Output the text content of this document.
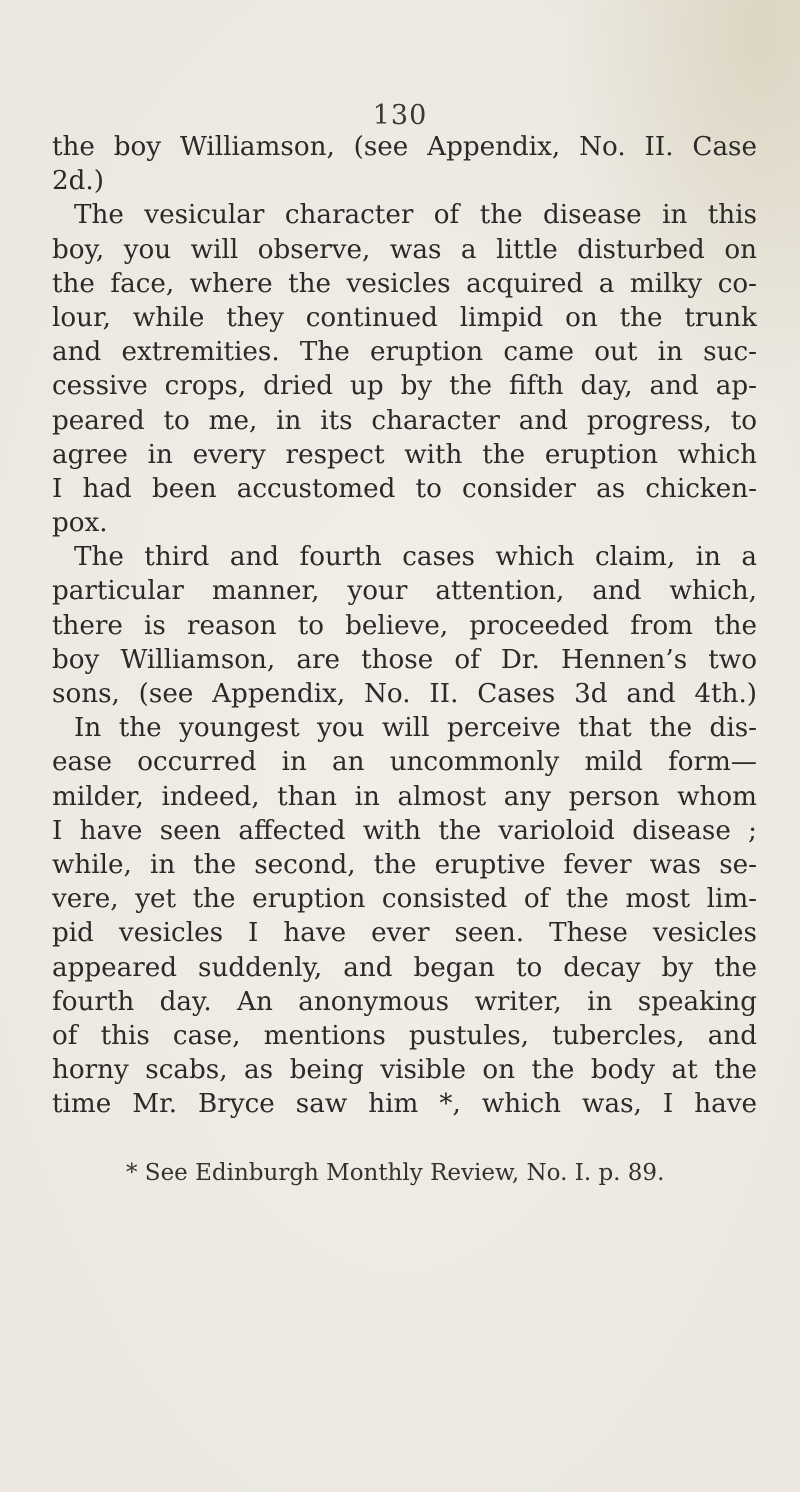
130
the boy Williamson, (see Appendix, No. II. Case
2d.)
The vesicular character of the disease in this
boy, you will observe, was a little disturbed on
the face, where the vesicles acquired a milky co-
lour, while they continued limpid on the trunk
and extremities. The eruption came out in suc-
cessive crops, dried up by the fifth day, and ap-
peared to me, in its character and progress, to
agree in every respect with the eruption which
I had been accustomed to consider as chicken-
pox.
The third and fourth cases which claim, in a
particular manner, your attention, and which,
there is reason to believe, proceeded from the
boy Williamson, are those of Dr. Hennen’s two
sons, (see Appendix, No. II. Cases 3d and 4th.)
In the youngest you will perceive that the dis-
ease occurred in an uncommonly mild form—
milder, indeed, than in almost any person whom
I have seen affected with the varioloid disease ;
while, in the second, the eruptive fever was se-
vere, yet the eruption consisted of the most lim-
pid vesicles I have ever seen. These vesicles
appeared suddenly, and began to decay by the
fourth day. An anonymous writer, in speaking
of this case, mentions pustules, tubercles, and
horny scabs, as being visible on the body at the
time Mr. Bryce saw him *, which was, I have
* See Edinburgh Monthly Review, No. I. p. 89.
